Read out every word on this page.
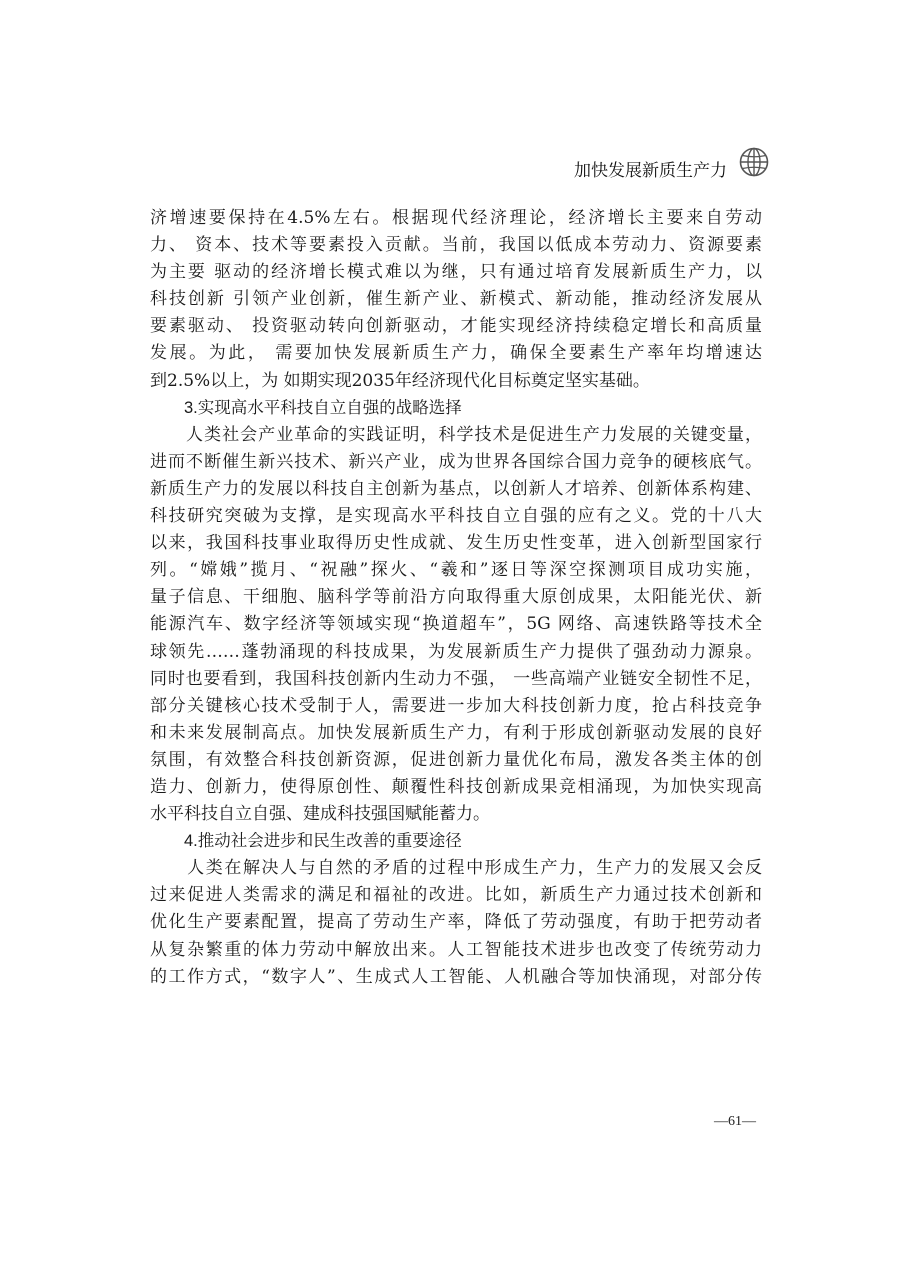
加快发展新质生产力
济增速要保持在4.5%左右。根据现代经济理论，经济增长主要来自劳动
力、 资本、技术等要素投入贡献。当前，我国以低成本劳动力、资源要素
为主要 驱动的经济增长模式难以为继，只有通过培育发展新质生产力，以
科技创新 引领产业创新，催生新产业、新模式、新动能，推动经济发展从
要素驱动、 投资驱动转向创新驱动，才能实现经济持续稳定增长和高质量
发展。为此， 需要加快发展新质生产力，确保全要素生产率年均增速达
到2.5%以上，为 如期实现2035年经济现代化目标奠定坚实基础。
3.实现高水平科技自立自强的战略选择
　　人类社会产业革命的实践证明，科学技术是促进生产力发展的关键变量，
进而不断催生新兴技术、新兴产业，成为世界各国综合国力竞争的硬核底气。
新质生产力的发展以科技自主创新为基点，以创新人才培养、创新体系构建、
科技研究突破为支撑，是实现高水平科技自立自强的应有之义。党的十八大
以来，我国科技事业取得历史性成就、发生历史性变革，进入创新型国家行
列。“嫦娥”揽月、“祝融”探火、“羲和”逐日等深空探测项目成功实施，
量子信息、干细胞、脑科学等前沿方向取得重大原创成果，太阳能光伏、新
能源汽车、数字经济等领域实现“换道超车”，5G 网络、高速铁路等技术全
球领先……蓬勃涌现的科技成果，为发展新质生产力提供了强劲动力源泉。
同时也要看到，我国科技创新内生动力不强， 一些高端产业链安全韧性不足，
部分关键核心技术受制于人，需要进一步加大科技创新力度，抢占科技竞争
和未来发展制高点。加快发展新质生产力，有利于形成创新驱动发展的良好
氛围，有效整合科技创新资源，促进创新力量优化布局，激发各类主体的创
造力、创新力，使得原创性、颠覆性科技创新成果竞相涌现，为加快实现高
水平科技自立自强、建成科技强国赋能蓄力。
4.推动社会进步和民生改善的重要途径
　　人类在解决人与自然的矛盾的过程中形成生产力，生产力的发展又会反
过来促进人类需求的满足和福祉的改进。比如，新质生产力通过技术创新和
优化生产要素配置，提高了劳动生产率，降低了劳动强度，有助于把劳动者
从复杂繁重的体力劳动中解放出来。人工智能技术进步也改变了传统劳动力
的工作方式，“数字人”、生成式人工智能、人机融合等加快涌现，对部分传
—61—
